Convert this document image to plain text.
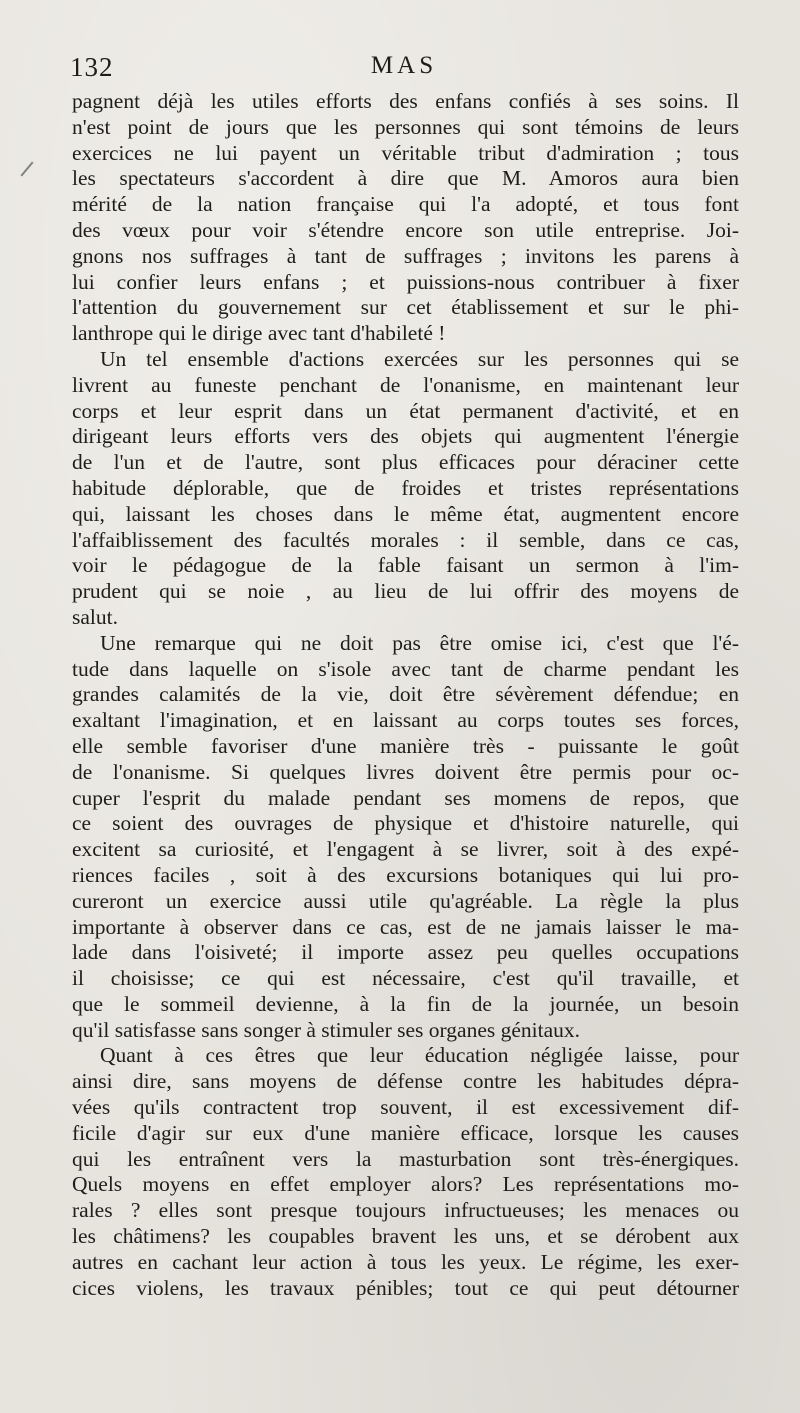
132	MAS
pagnent déjà les utiles efforts des enfans confiés à ses soins. Il
n'est point de jours que les personnes qui sont témoins de leurs
exercices ne lui payent un véritable tribut d'admiration ; tous
les spectateurs s'accordent à dire que M. Amoros aura bien
mérité de la nation française qui l'a adopté, et tous font
des vœux pour voir s'étendre encore son utile entreprise. Joi-
gnons nos suffrages à tant de suffrages ; invitons les parens à
lui confier leurs enfans ; et puissions-nous contribuer à fixer
l'attention du gouvernement sur cet établissement et sur le phi-
lanthrope qui le dirige avec tant d'habileté !
Un tel ensemble d'actions exercées sur les personnes qui se
livrent au funeste penchant de l'onanisme, en maintenant leur
corps et leur esprit dans un état permanent d'activité, et en
dirigeant leurs efforts vers des objets qui augmentent l'énergie
de l'un et de l'autre, sont plus efficaces pour déraciner cette
habitude déplorable, que de froides et tristes représentations
qui, laissant les choses dans le même état, augmentent encore
l'affaiblissement des facultés morales : il semble, dans ce cas,
voir le pédagogue de la fable faisant un sermon à l'im-
prudent qui se noie , au lieu de lui offrir des moyens de
salut.
Une remarque qui ne doit pas être omise ici, c'est que l'é-
tude dans laquelle on s'isole avec tant de charme pendant les
grandes calamités de la vie, doit être sévèrement défendue; en
exaltant l'imagination, et en laissant au corps toutes ses forces,
elle semble favoriser d'une manière très - puissante le goût
de l'onanisme. Si quelques livres doivent être permis pour oc-
cuper l'esprit du malade pendant ses momens de repos, que
ce soient des ouvrages de physique et d'histoire naturelle, qui
excitent sa curiosité, et l'engagent à se livrer, soit à des expé-
riences faciles , soit à des excursions botaniques qui lui pro-
cureront un exercice aussi utile qu'agréable. La règle la plus
importante à observer dans ce cas, est de ne jamais laisser le ma-
lade dans l'oisiveté; il importe assez peu quelles occupations
il choisisse; ce qui est nécessaire, c'est qu'il travaille, et
que le sommeil devienne, à la fin de la journée, un besoin
qu'il satisfasse sans songer à stimuler ses organes génitaux.
Quant à ces êtres que leur éducation négligée laisse, pour
ainsi dire, sans moyens de défense contre les habitudes dépra-
vées qu'ils contractent trop souvent, il est excessivement dif-
ficile d'agir sur eux d'une manière efficace, lorsque les causes
qui les entraînent vers la masturbation sont très-énergiques.
Quels moyens en effet employer alors? Les représentations mo-
rales ? elles sont presque toujours infructueuses; les menaces ou
les châtimens? les coupables bravent les uns, et se dérobent aux
autres en cachant leur action à tous les yeux. Le régime, les exer-
cices violens, les travaux pénibles; tout ce qui peut détourner
